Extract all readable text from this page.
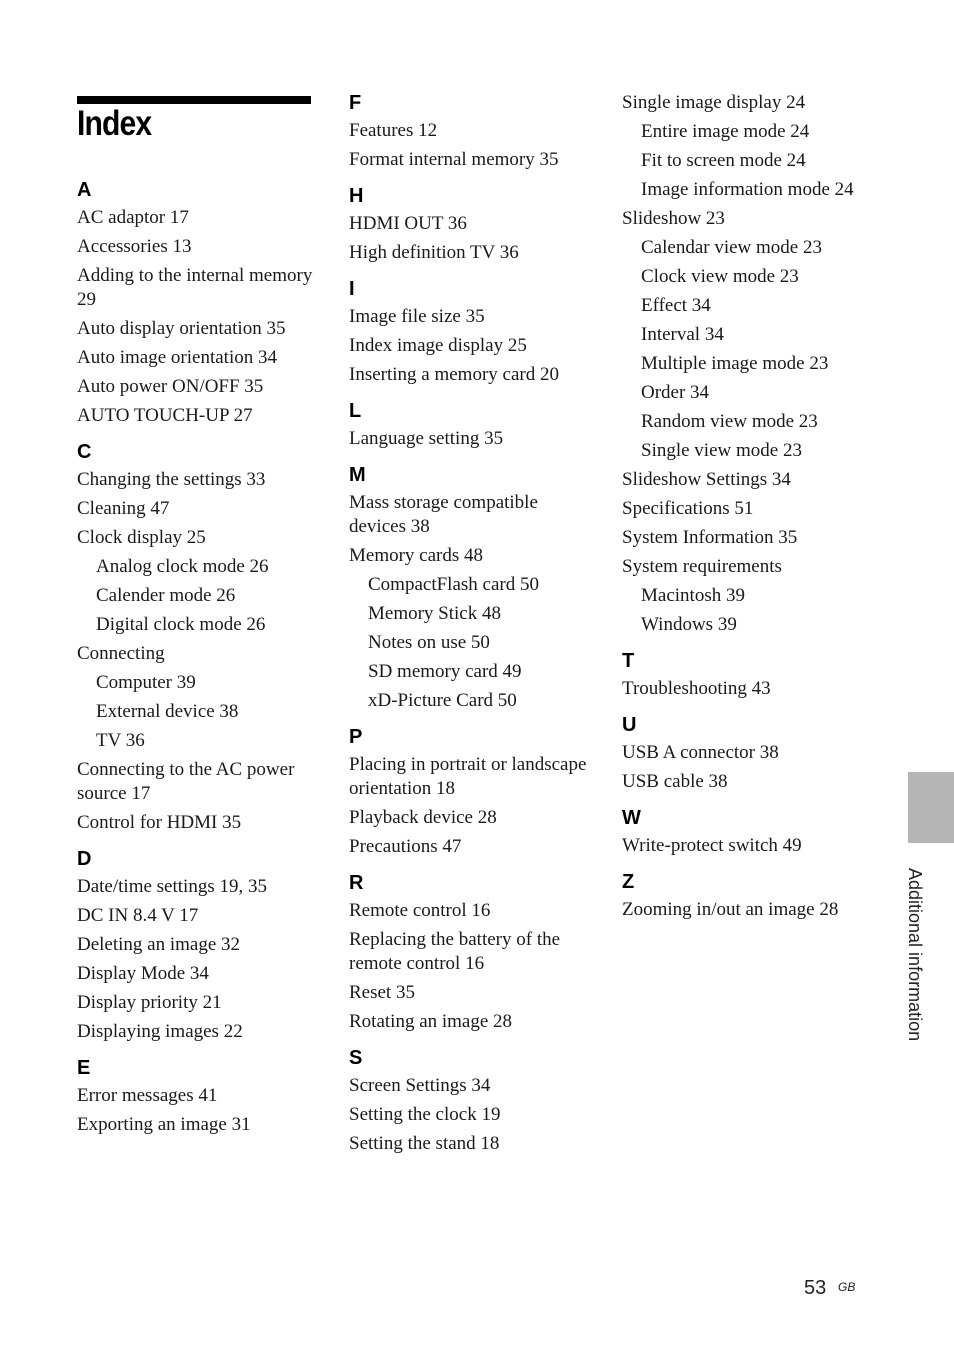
Index
A
AC adaptor 17
Accessories 13
Adding to the internal memory 29
Auto display orientation 35
Auto image orientation 34
Auto power ON/OFF 35
AUTO TOUCH-UP 27
C
Changing the settings 33
Cleaning 47
Clock display 25
Analog clock mode 26
Calender mode 26
Digital clock mode 26
Connecting
Computer 39
External device 38
TV 36
Connecting to the AC power source 17
Control for HDMI 35
D
Date/time settings 19, 35
DC IN 8.4 V 17
Deleting an image 32
Display Mode 34
Display priority 21
Displaying images 22
E
Error messages 41
Exporting an image 31
F
Features 12
Format internal memory 35
H
HDMI OUT 36
High definition TV 36
I
Image file size 35
Index image display 25
Inserting a memory card 20
L
Language setting 35
M
Mass storage compatible devices 38
Memory cards 48
CompactFlash card 50
Memory Stick 48
Notes on use 50
SD memory card 49
xD-Picture Card 50
P
Placing in portrait or landscape orientation 18
Playback device 28
Precautions 47
R
Remote control 16
Replacing the battery of the remote control 16
Reset 35
Rotating an image 28
S
Screen Settings 34
Setting the clock 19
Setting the stand 18
Single image display 24
Entire image mode 24
Fit to screen mode 24
Image information mode 24
Slideshow 23
Calendar view mode 23
Clock view mode 23
Effect 34
Interval 34
Multiple image mode 23
Order 34
Random view mode 23
Single view mode 23
Slideshow Settings 34
Specifications 51
System Information 35
System requirements
Macintosh 39
Windows 39
T
Troubleshooting 43
U
USB A connector 38
USB cable 38
W
Write-protect switch 49
Z
Zooming in/out an image 28	Additional information
53 GB
